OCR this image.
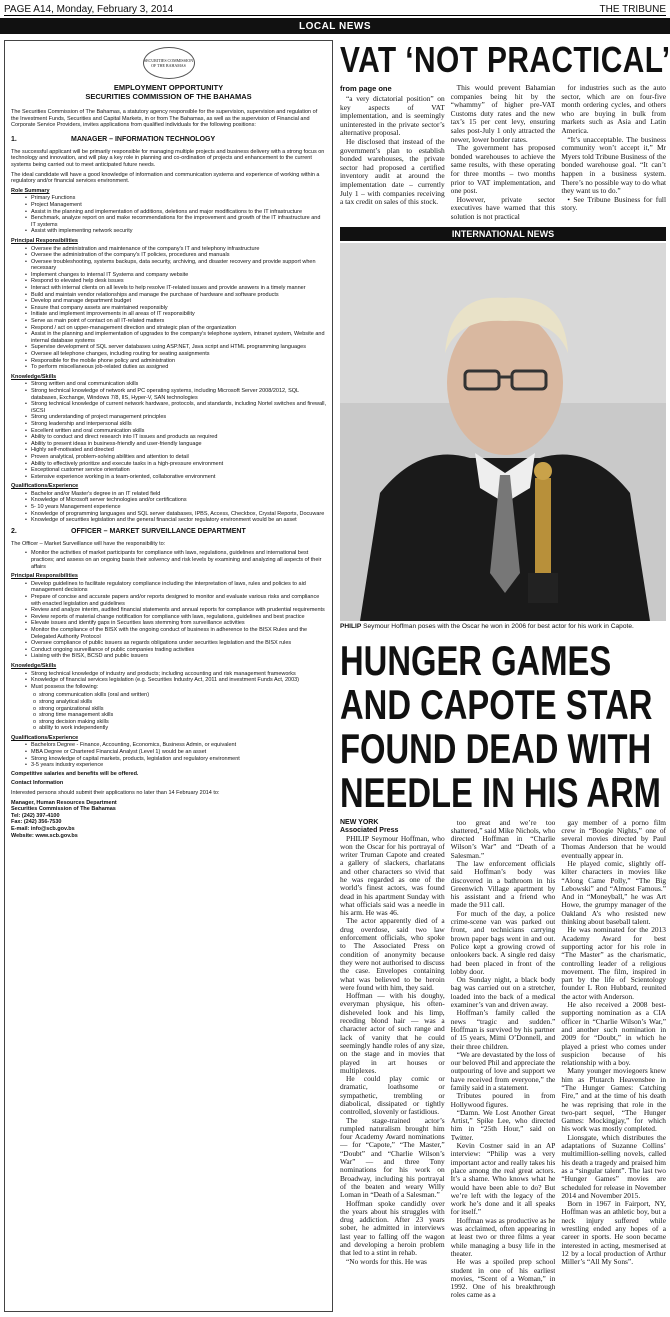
PAGE A14, Monday, February 3, 2014	THE TRIBUNE
LOCAL NEWS
SECURITIES COMMISSION OF THE BAHAMAS
EMPLOYMENT OPPORTUNITY
SECURITIES COMMISSION OF THE BAHAMAS

The Securities Commission of The Bahamas, a statutory agency responsible for the supervision, supervision and regulation of the Investment Funds, Securities and Capital Markets, in or from The Bahamas, as well as the supervision of Financial and Corporate Service Providers, invites applications from qualified individuals for the following positions:

1.	MANAGER – INFORMATION TECHNOLOGY

The successful applicant will be primarily responsible for managing multiple projects and business delivery with a strong focus on technology and innovation, and will play a key role in planning and co-ordination of projects and enhancement to the current systems being carried out to meet anticipated future needs.

The ideal candidate will have a good knowledge of information and communication systems and experience of working within a regulatory and/or financial services environment.

Role Summary
• Primary Functions
• Project Management
• Assist in the planning and implementation of additions, deletions and major modifications to the IT infrastructure
• Benchmark, analyze report on and make recommendations for the improvement and growth of the IT infrastructure and IT systems
• Assist with implementing network security
Principal Responsibilities
• Oversee the administration and maintenance of the company's IT and telephony infrastructure
• Oversee the administration of the company's IT policies, procedures and manuals
• Oversee troubleshooting, systems backups, data security, archiving, and disaster recovery and provide support when necessary
• Implement changes to internal IT Systems and company website
• Respond to elevated help desk issues
• Interact with internal clients on all levels to help resolve IT-related issues and provide answers in a timely manner
• Build and maintain vendor relationships and manage the purchase of hardware and software products
• Develop and manage department budget
• Ensure that company assets are maintained responsibly
• Initiate and implement improvements in all areas of IT responsibility
• Serve as main point of contact on all IT-related matters
• Respond / act on upper-management direction and strategic plan of the organization
• Assist in the planning and implementation of upgrades to the company's telephone system, intranet system, Website and internal database systems
• Supervise development of SQL server databases using ASP.NET, Java script and HTML programming languages
• Oversee all telephone changes, including routing for seating assignments
• Responsible for the mobile phone policy and administration
• To perform miscellaneous job-related duties as assigned
Knowledge/Skills
• Strong written and oral communication skills
• Strong technical knowledge of network and PC operating systems, including Microsoft Server 2008/2012, SQL databases, Exchange, Windows 7/8, IIS, Hyper-V, SAN technologies
• Strong technical knowledge of current network hardware, protocols, and standards, including Nortel switches and firewall, iSCSI
• Strong understanding of project management principles
• Strong leadership and interpersonal skills
• Excellent written and oral communication skills
• Ability to conduct and direct research into IT issues and products as required
• Ability to present ideas in business-friendly and user-friendly language
• Highly self-motivated and directed
• Proven analytical, problem-solving abilities and attention to detail
• Ability to effectively prioritize and execute tasks in a high-pressure environment
• Exceptional customer service orientation
• Extensive experience working in a team-oriented, collaborative environment
Qualifications/Experience
• Bachelor and/or Master's degree in an IT related field
• Knowledge of Microsoft server technologies and/or certifications
• 5- 10 years Management experience
• Knowledge of programming languages and SQL server databases, IPBS, Access, Checkbox, Crystal Reports, Docuware
• Knowledge of securities legislation and the general financial sector regulatory environment would be an asset
2.	OFFICER – MARKET SURVEILLANCE DEPARTMENT

The Officer – Market Surveillance will have the responsibility to:

• Monitor the activities of market participants for compliance with laws, regulations, guidelines and international best practices; and assess on an ongoing basis their solvency and risk levels by examining and analyzing all aspects of their affairs
Principal Responsibilities
• Develop guidelines to facilitate regulatory compliance including the interpretation of laws, rules and policies to aid management decisions
• Prepare of concise and accurate papers and/or reports designed to monitor and evaluate various risks and compliance with enacted legislation and guidelines
• Review and analyze interim, audited financial statements and annual reports for compliance with prudential requirements
• Review reports of material change notification for compliance with laws, regulations, guidelines and best practice
• Elevate issues and identify gaps in Securities laws stemming from surveillance activities
• Monitor the compliance of the BISX with the ongoing conduct of business in adherence to the BISX Rules and the Delegated Authority Protocol
• Oversee compliance of public issuers as regards obligations under securities legislation and the BISX rules
• Conduct ongoing surveillance of public companies trading activities
• Liaising with the BISX, BCSD and public issuers
Knowledge/Skills
• Strong technical knowledge of industry and products; including accounting and risk management frameworks
• Knowledge of financial services legislation (e.g. Securities Industry Act, 2011 and investment Funds Act, 2003)
• Must possess the following:
o strong communication skills (oral and written)
o strong analytical skills
o strong organizational skills
o strong time management skills
o strong decision making skills
o ability to work independently
Qualifications/Experience
• Bachelors Degree - Finance, Accounting, Economics, Business Admin, or equivalent
• MBA Degree or Chartered Financial Analyst (Level 1) would be an asset
• Strong knowledge of capital markets, products, legislation and regulatory environment
• 3-5 years industry experience

Competitive salaries and benefits will be offered.

Contact Information

Interested persons should submit their applications no later than 14 February 2014 to:

Manager, Human Resources Department
Securities Commission of The Bahamas
Tel: (242) 397-4100
Fax: (242) 356-7530
E-mail: info@scb.gov.bs
Website: www.scb.gov.bs
VAT ‘NOT PRACTICAL’
from page one

“a very dictatorial position” on key aspects of VAT implementation, and is seemingly uninterested in the private sector’s alternative proposal.

He disclosed that instead of the government’s plan to establish bonded warehouses, the private sector had proposed a certified inventory audit at around the implementation date – currently July 1 – with companies receiving a tax credit on sales of this stock.

This would prevent Bahamian companies being hit by the “whammy” of higher pre-VAT Customs duty rates and the new tax’s 15 per cent levy, ensuring sales post-July 1 only attracted the newer, lower border rates.

The government has proposed bonded warehouses to achieve the same results, with these operating for three months – two months prior to VAT implementation, and one post.

However, private sector executives have warned that this solution is not practical

for industries such as the auto sector, which are on four-five month ordering cycles, and others who are buying in bulk from markets such as Asia and Latin America.

“It’s unacceptable. The business community won’t accept it,” Mr Myers told Tribune Business of the bonded warehouse goal. “It can’t happen in a business system. There’s no possible way to do what they want us to do.”

• See Tribune Business for full story.

INTERNATIONAL NEWS
PHILIP Seymour Hoffman poses with the Oscar he won in 2006 for best actor for his work in Capote.
HUNGER GAMES
AND CAPOTE STAR
FOUND DEAD WITH
NEEDLE IN HIS ARM
NEW YORK
Associated Press

PHILIP Seymour Hoffman, who won the Oscar for his portrayal of writer Truman Capote and created a gallery of slackers, charlatans and other characters so vivid that he was regarded as one of the world’s finest actors, was found dead in his apartment Sunday with what officials said was a needle in his arm. He was 46.

The actor apparently died of a drug overdose, said two law enforcement officials, who spoke to The Associated Press on condition of anonymity because they were not authorised to discuss the case. Envelopes containing what was believed to be heroin were found with him, they said.

Hoffman — with his doughy, everyman physique, his often-disheveled look and his limp, receding blond hair — was a character actor of such range and lack of vanity that he could seemingly handle roles of any size, on the stage and in movies that played in art houses or multiplexes.

He could play comic or dramatic, loathsome or sympathetic, trembling or diabolical, dissipated or tightly controlled, slovenly or fastidious.

The stage-trained actor’s rumpled naturalism brought him four Academy Award nominations — for “Capote,” “The Master,” “Doubt” and “Charlie Wilson’s War” — and three Tony nominations for his work on Broadway, including his portrayal of the beaten and weary Willy Loman in “Death of a Salesman.”

Hoffman spoke candidly over the years about his struggles with drug addiction. After 23 years sober, he admitted in interviews last year to falling off the wagon and developing a heroin problem that led to a stint in rehab.

“No words for this. He was

too great and we’re too shattered,” said Mike Nichols, who directed Hoffman in “Charlie Wilson’s War” and “Death of a Salesman.”

The law enforcement officials said Hoffman’s body was discovered in a bathroom in his Greenwich Village apartment by his assistant and a friend who made the 911 call.

For much of the day, a police crime-scene van was parked out front, and technicians carrying brown paper bags went in and out. Police kept a growing crowd of onlookers back. A single red daisy had been placed in front of the lobby door.

On Sunday night, a black body bag was carried out on a stretcher, loaded into the back of a medical examiner’s van and driven away.

Hoffman’s family called the news “tragic and sudden.” Hoffman is survived by his partner of 15 years, Mimi O’Donnell, and their three children.

“We are devastated by the loss of our beloved Phil and appreciate the outpouring of love and support we have received from everyone,” the family said in a statement.

Tributes poured in from Hollywood figures.

“Damn. We Lost Another Great Artist,” Spike Lee, who directed him in “25th Hour,” said on Twitter.

Kevin Costner said in an AP interview: “Philip was a very important actor and really takes his place among the real great actors. It’s a shame. Who knows what he would have been able to do? But we’re left with the legacy of the work he’s done and it all speaks for itself.”

Hoffman was as productive as he was acclaimed, often appearing in at least two or three films a year while managing a busy life in the theater.

He was a spoiled prep school student in one of his earliest movies, “Scent of a Woman,” in 1992. One of his breakthrough roles came as a

gay member of a porno film crew in “Boogie Nights,” one of several movies directed by Paul Thomas Anderson that he would eventually appear in.

He played comic, slightly off-kilter characters in movies like “Along Came Polly,” “The Big Lebowski” and “Almost Famous.” And in “Moneyball,” he was Art Howe, the grumpy manager of the Oakland A’s who resisted new thinking about baseball talent.

He was nominated for the 2013 Academy Award for best supporting actor for his role in “The Master” as the charismatic, controlling leader of a religious movement. The film, inspired in part by the life of Scientology founder L Ron Hubbard, reunited the actor with Anderson.

He also received a 2008 best-supporting nomination as a CIA officer in “Charlie Wilson’s War,” and another such nomination in 2009 for “Doubt,” in which he played a priest who comes under suspicion because of his relationship with a boy.

Many younger moviegoers knew him as Plutarch Heavensbee in “The Hunger Games: Catching Fire,” and at the time of his death he was reprising that role in the two-part sequel, “The Hunger Games: Mockingjay,” for which his work was mostly completed.

Lionsgate, which distributes the adaptations of Suzanne Collins’ multimillion-selling novels, called his death a tragedy and praised him as a “singular talent”. The last two “Hunger Games” movies are scheduled for release in November 2014 and November 2015.

Born in 1967 in Fairport, NY, Hoffman was an athletic boy, but a neck injury suffered while wrestling ended any hopes of a career in sports. He soon became interested in acting, mesmerised at 12 by a local production of Arthur Miller’s “All My Sons”.
